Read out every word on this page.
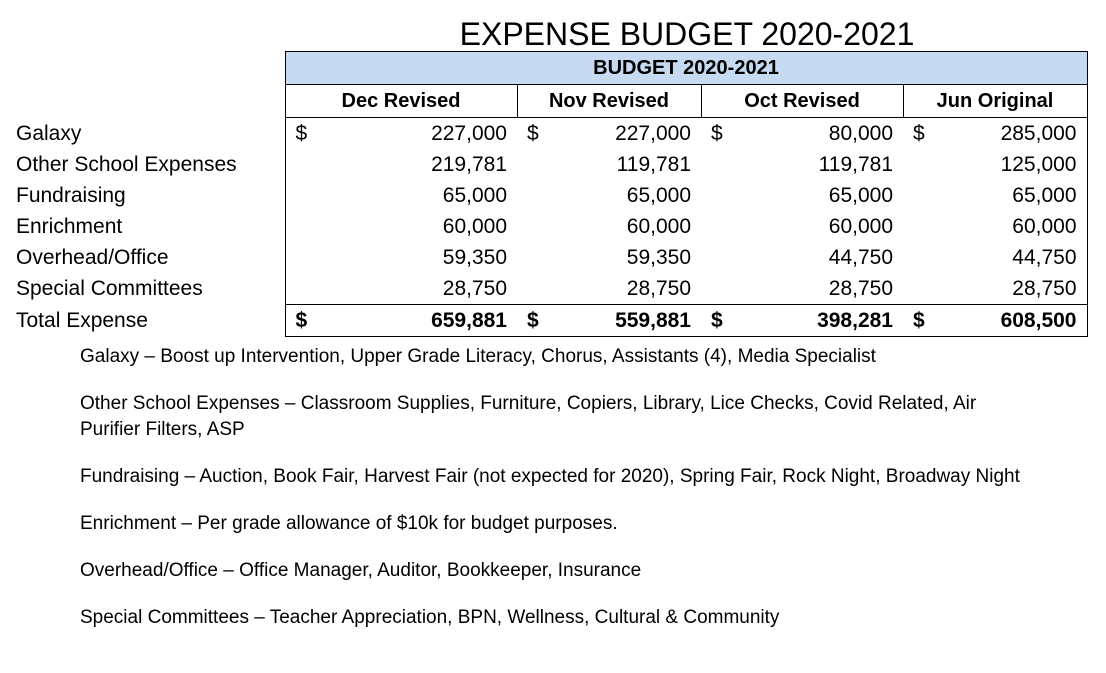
EXPENSE BUDGET 2020-2021
	BUDGET 2020-2021							
	Dec Revised		Nov Revised		Oct Revised		Jun Original	
Galaxy	$	227,000	$	227,000	$	80,000	$	285,000
Other School Expenses		219,781		119,781		119,781		125,000
Fundraising		65,000		65,000		65,000		65,000
Enrichment		60,000		60,000		60,000		60,000
Overhead/Office		59,350		59,350		44,750		44,750
Special Committees		28,750		28,750		28,750		28,750
Total Expense	$	659,881	$	559,881	$	398,281	$	608,500

Galaxy – Boost up Intervention, Upper Grade Literacy, Chorus, Assistants (4), Media Specialist

Other School Expenses – Classroom Supplies, Furniture, Copiers, Library, Lice Checks, Covid Related, Air Purifier Filters, ASP

Fundraising – Auction, Book Fair, Harvest Fair (not expected for 2020), Spring Fair, Rock Night, Broadway Night

Enrichment – Per grade allowance of $10k for budget purposes.

Overhead/Office – Office Manager, Auditor, Bookkeeper, Insurance

Special Committees – Teacher Appreciation, BPN, Wellness, Cultural & Community
